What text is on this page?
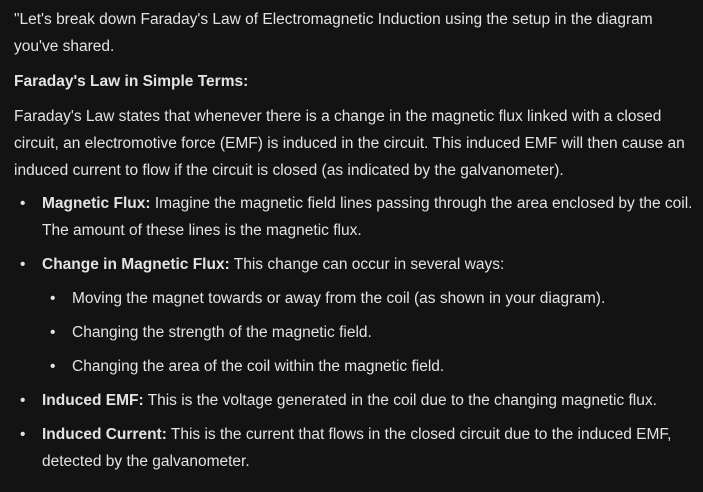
"Let's break down Faraday's Law of Electromagnetic Induction using the setup in the diagram you've shared.

Faraday's Law in Simple Terms:

Faraday's Law states that whenever there is a change in the magnetic flux linked with a closed circuit, an electromotive force (EMF) is induced in the circuit. This induced EMF will then cause an induced current to flow if the circuit is closed (as indicated by the galvanometer).

• Magnetic Flux: Imagine the magnetic field lines passing through the area enclosed by the coil. The amount of these lines is the magnetic flux.
• Change in Magnetic Flux: This change can occur in several ways:
• Moving the magnet towards or away from the coil (as shown in your diagram).
• Changing the strength of the magnetic field.
• Changing the area of the coil within the magnetic field.
• Induced EMF: This is the voltage generated in the coil due to the changing magnetic flux.
• Induced Current: This is the current that flows in the closed circuit due to the induced EMF, detected by the galvanometer.
